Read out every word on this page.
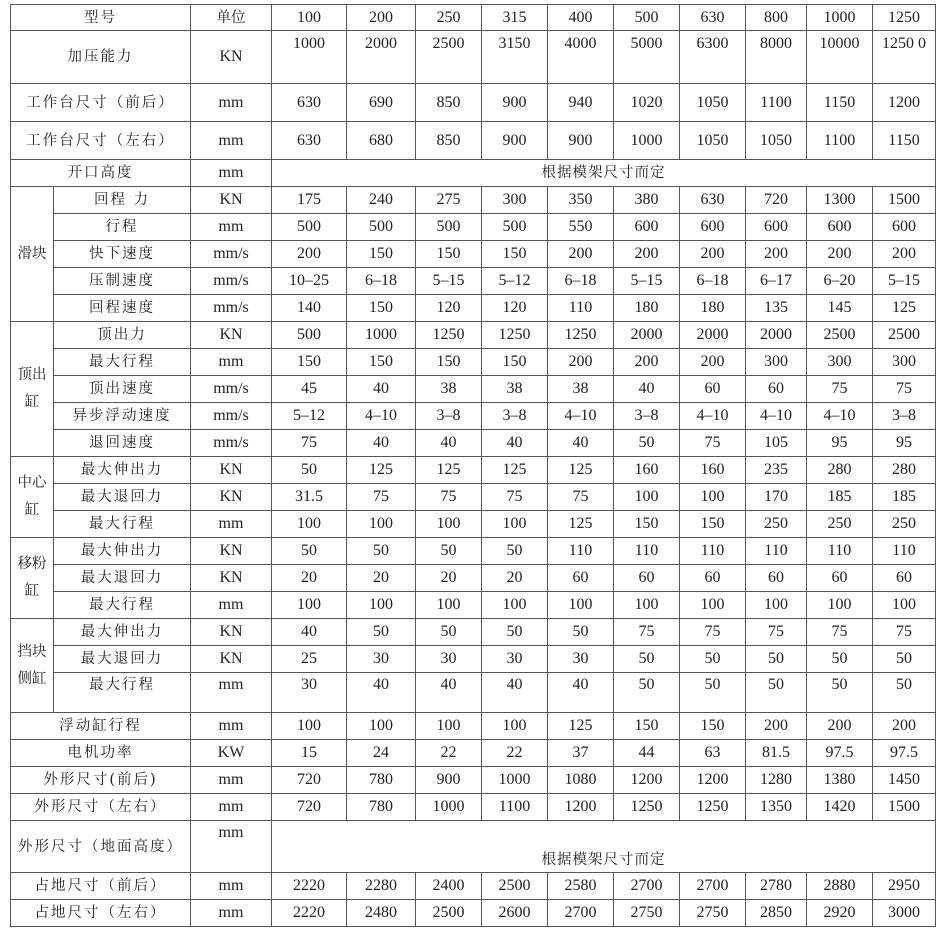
型号		单位	100	200	250	315	400	500	630	800	1000	1250
加压能力		KN	1000	2000	2500	3150	4000	5000	6300	8000	10000	1250 0
工作台尺寸（前后）		mm	630	690	850	900	940	1020	1050	1100	1150	1200
工作台尺寸（左右）		mm	630	680	850	900	900	1000	1050	1050	1100	1150
开口高度		mm	根据模架尺寸而定									
滑块	回程 力	KN	175	240	275	300	350	380	630	720	1300	1500
	行程	mm	500	500	500	500	550	600	600	600	600	600
	快下速度	mm/s	200	150	150	150	200	200	200	200	200	200
	压制速度	mm/s	10–25	6–18	5–15	5–12	6–18	5–15	6–18	6–17	6–20	5–15
	回程速度	mm/s	140	150	120	120	110	180	180	135	145	125
顶出缸	顶出力	KN	500	1000	1250	1250	1250	2000	2000	2000	2500	2500
	最大行程	mm	150	150	150	150	200	200	200	300	300	300
	顶出速度	mm/s	45	40	38	38	38	40	60	60	75	75
	异步浮动速度	mm/s	5–12	4–10	3–8	3–8	4–10	3–8	4–10	4–10	4–10	3–8
	退回速度	mm/s	75	40	40	40	40	50	75	105	95	95
中心缸	最大伸出力	KN	50	125	125	125	125	160	160	235	280	280
	最大退回力	KN	31.5	75	75	75	75	100	100	170	185	185
	最大行程	mm	100	100	100	100	125	150	150	250	250	250
移粉缸	最大伸出力	KN	50	50	50	50	110	110	110	110	110	110
	最大退回力	KN	20	20	20	20	60	60	60	60	60	60
	最大行程	mm	100	100	100	100	100	100	100	100	100	100
挡块侧缸	最大伸出力	KN	40	50	50	50	50	75	75	75	75	75
	最大退回力	KN	25	30	30	30	30	50	50	50	50	50
	最大行程	mm	30	40	40	40	40	50	50	50	50	50
浮动缸行程		mm	100	100	100	100	125	150	150	200	200	200
电机功率		KW	15	24	22	22	37	44	63	81.5	97.5	97.5
外形尺寸(前后)		mm	720	780	900	1000	1080	1200	1200	1280	1380	1450
外形尺寸（左右）		mm	720	780	1000	1100	1200	1250	1250	1350	1420	1500
外形尺寸（地面高度）		mm	根据模架尺寸而定									
占地尺寸（前后）		mm	2220	2280	2400	2500	2580	2700	2700	2780	2880	2950
占地尺寸（左右）		mm	2220	2480	2500	2600	2700	2750	2750	2850	2920	3000
